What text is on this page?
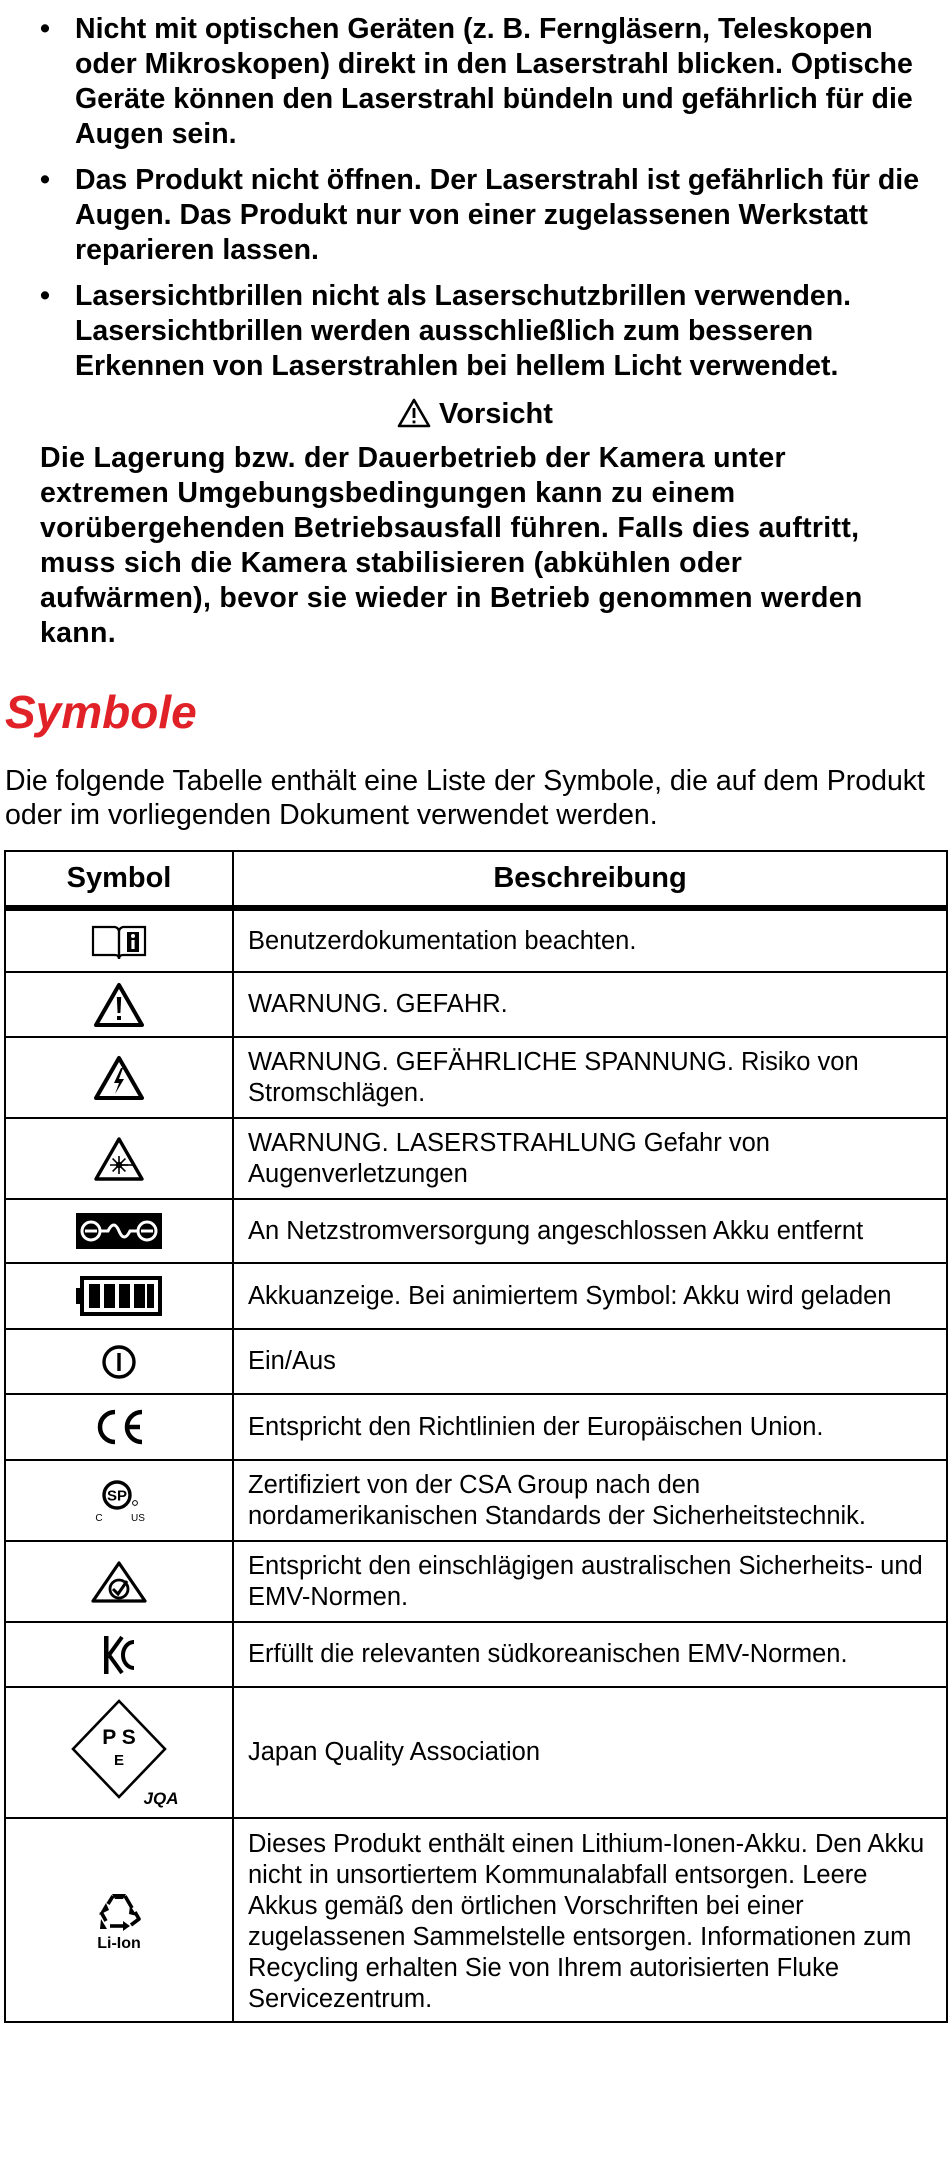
• Nicht mit optischen Geräten (z. B. Ferngläsern, Teleskopen oder Mikroskopen) direkt in den Laserstrahl blicken. Optische Geräte können den Laserstrahl bündeln und gefährlich für die Augen sein.
• Das Produkt nicht öffnen. Der Laserstrahl ist gefährlich für die Augen. Das Produkt nur von einer zugelassenen Werkstatt reparieren lassen.
• Lasersichtbrillen nicht als Laserschutzbrillen verwenden. Lasersichtbrillen werden ausschließlich zum besseren Erkennen von Laserstrahlen bei hellem Licht verwendet.
Vorsicht
Die Lagerung bzw. der Dauerbetrieb der Kamera unter extremen Umgebungsbedingungen kann zu einem vorübergehenden Betriebsausfall führen. Falls dies auftritt, muss sich die Kamera stabilisieren (abkühlen oder aufwärmen), bevor sie wieder in Betrieb genommen werden kann.
Symbole
Die folgende Tabelle enthält eine Liste der Symbole, die auf dem Produkt oder im vorliegenden Dokument verwendet werden.
Symbol	Beschreibung

	Benutzerdokumentation beachten.

	WARNUNG. GEFAHR.

	WARNUNG. GEFÄHRLICHE SPANNUNG. Risiko von Stromschlägen.

	WARNUNG. LASERSTRAHLUNG Gefahr von Augenverletzungen

	An Netzstromversorgung angeschlossen Akku entfernt

	Akkuanzeige. Bei animiertem Symbol: Akku wird geladen

	Ein/Aus

	Entspricht den Richtlinien der Europäischen Union.

SP
C US	Zertifiziert von der CSA Group nach den nordamerikanischen Standards der Sicherheitstechnik.

	Entspricht den einschlägigen australischen Sicherheits- und EMV-Normen.

	Erfüllt die relevanten südkoreanischen EMV-Normen.

P S
E
JQA	Japan Quality Association

Li-Ion	Dieses Produkt enthält einen Lithium-Ionen-Akku. Den Akku nicht in unsortiertem Kommunalabfall entsorgen. Leere Akkus gemäß den örtlichen Vorschriften bei einer zugelassenen Sammelstelle entsorgen. Informationen zum Recycling erhalten Sie von Ihrem autorisierten Fluke Servicezentrum.
